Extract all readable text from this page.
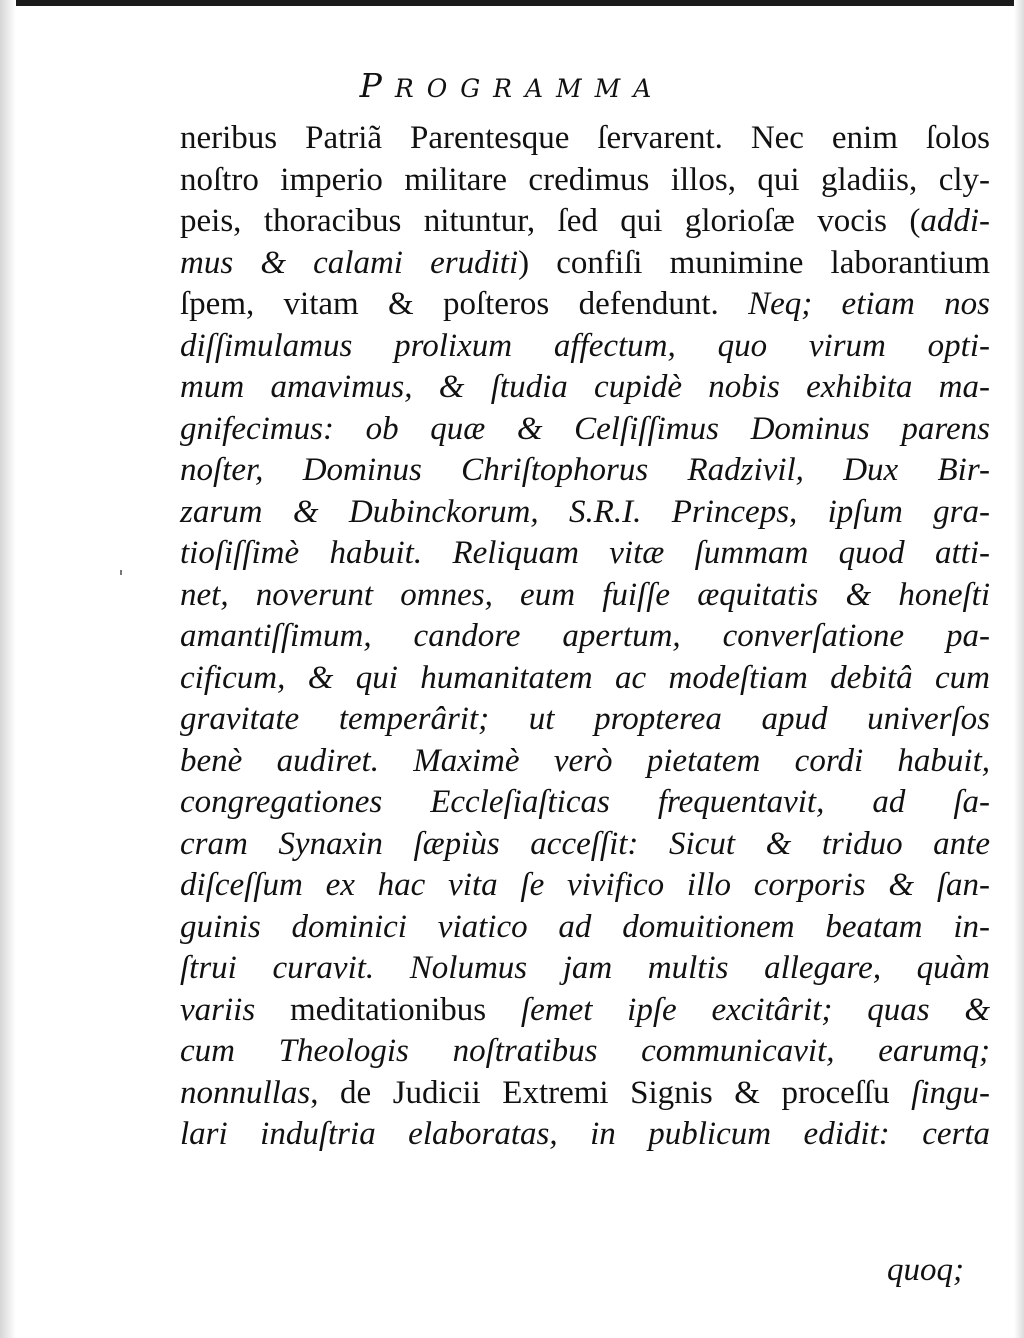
PROGRAMMA
neribus Patriã Parentesque ſervarent. Nec enim ſolos
noſtro imperio militare credimus illos, qui gladiis, cly-
peis, thoracibus nituntur, ſed qui glorioſæ vocis (addi-
mus & calami eruditi) confiſi munimine laborantium
ſpem, vitam & poſteros defendunt. Neq; etiam nos
diſſimulamus prolixum affectum, quo virum opti-
mum amavimus, & ſtudia cupidè nobis exhibita ma-
gnifecimus: ob quæ & Celſiſſimus Dominus parens
noſter, Dominus Chriſtophorus Radzivil, Dux Bir-
zarum & Dubinckorum, S.R.I. Princeps, ipſum gra-
tioſiſſimè habuit. Reliquam vitæ ſummam quod atti-
net, noverunt omnes, eum fuiſſe æquitatis & honeſti
amantiſſimum, candore apertum, converſatione pa-
cificum, & qui humanitatem ac modeſtiam debitâ cum
gravitate temperârit; ut propterea apud univerſos
benè audiret. Maximè verò pietatem cordi habuit,
congregationes Eccleſiaſticas frequentavit, ad ſa-
cram Synaxin ſæpiùs acceſſit: Sicut & triduo ante
diſceſſum ex hac vita ſe vivifico illo corporis & ſan-
guinis dominici viatico ad domuitionem beatam in-
ſtrui curavit. Nolumus jam multis allegare, quàm
variis meditationibus ſemet ipſe excitârit; quas &
cum Theologis noſtratibus communicavit, earumq;
nonnullas, de Judicii Extremi Signis & proceſſu ſingu-
lari induſtria elaboratas, in publicum edidit: certa
quoq;
